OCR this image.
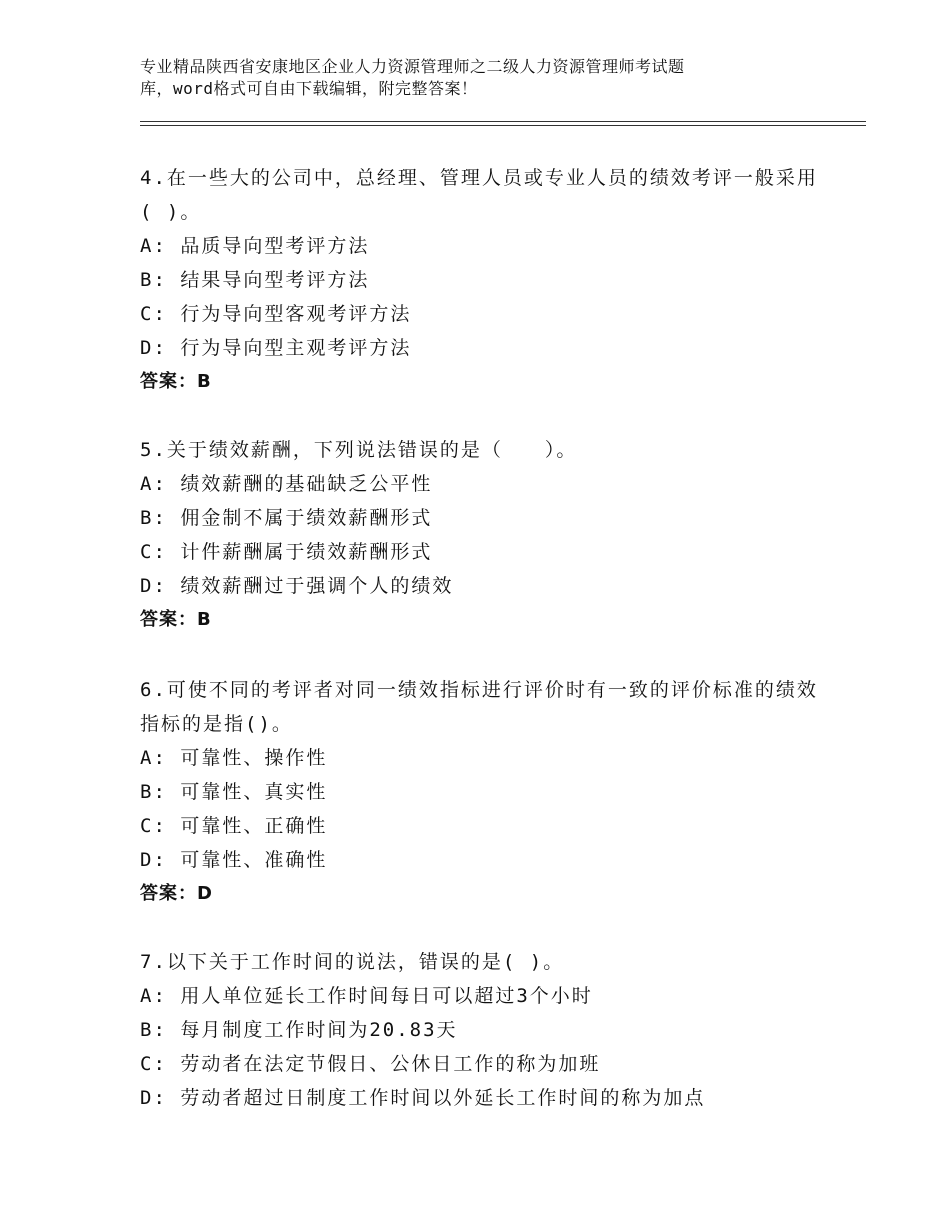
专业精品陕西省安康地区企业人力资源管理师之二级人力资源管理师考试题
库，word格式可自由下载编辑，附完整答案！
4.在一些大的公司中，总经理、管理人员或专业人员的绩效考评一般采用( )。
A: 品质导向型考评方法
B: 结果导向型考评方法
C: 行为导向型客观考评方法
D: 行为导向型主观考评方法
答案：B
5.关于绩效薪酬，下列说法错误的是（　　）。
A: 绩效薪酬的基础缺乏公平性
B: 佣金制不属于绩效薪酬形式
C: 计件薪酬属于绩效薪酬形式
D: 绩效薪酬过于强调个人的绩效
答案：B
6.可使不同的考评者对同一绩效指标进行评价时有一致的评价标准的绩效指标的是指()。
A: 可靠性、操作性
B: 可靠性、真实性
C: 可靠性、正确性
D: 可靠性、准确性
答案：D
7.以下关于工作时间的说法，错误的是( )。
A: 用人单位延长工作时间每日可以超过3个小时
B: 每月制度工作时间为20.83天
C: 劳动者在法定节假日、公休日工作的称为加班
D: 劳动者超过日制度工作时间以外延长工作时间的称为加点
